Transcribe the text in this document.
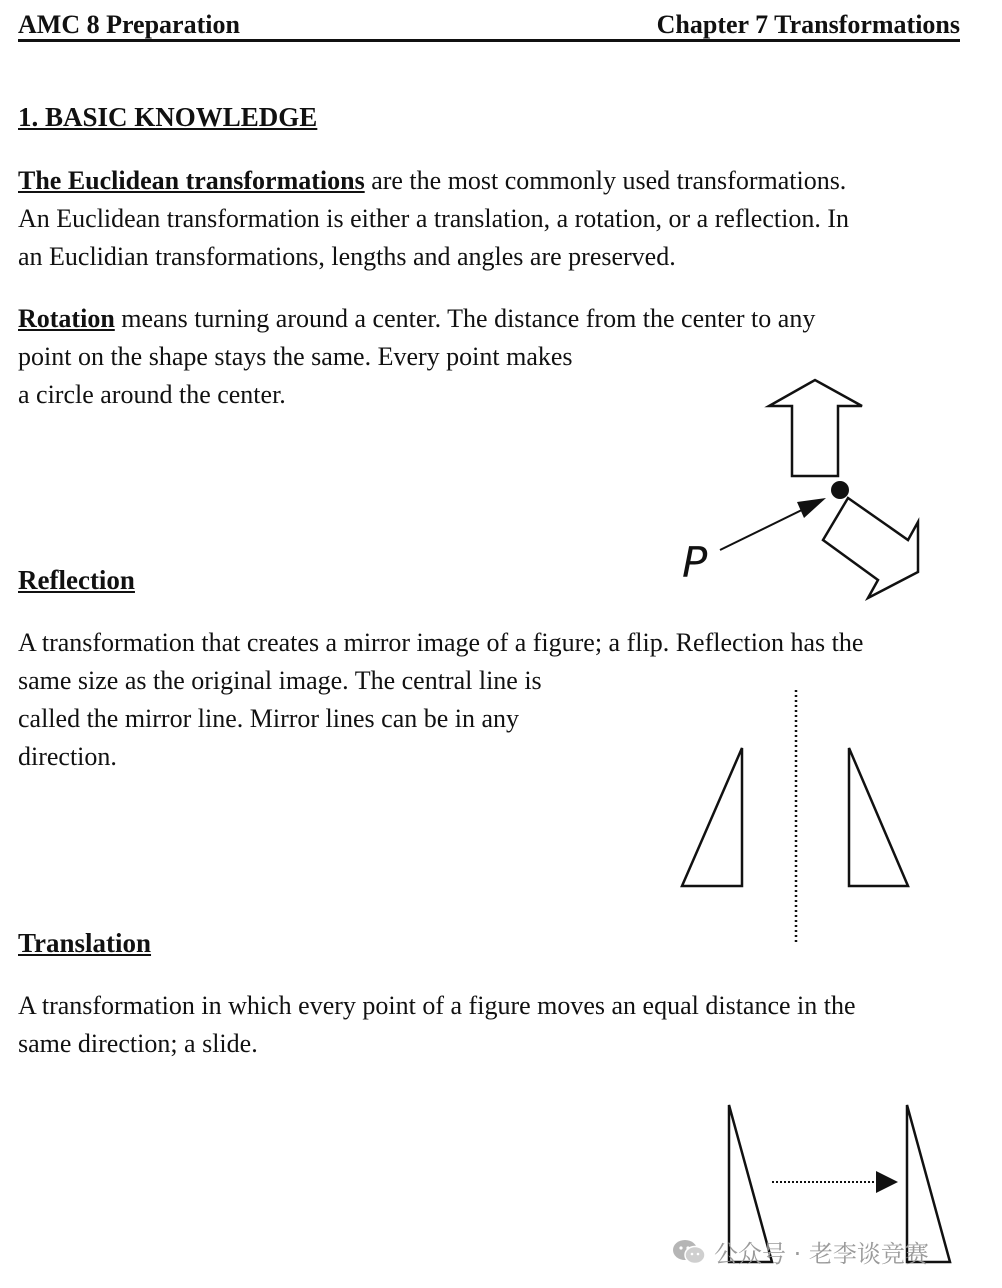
AMC 8 Preparation	Chapter 7 Transformations
1. BASIC KNOWLEDGE

The Euclidean transformations are the most commonly used transformations.
An Euclidean transformation is either a translation, a rotation, or a reflection. In
an Euclidian transformations, lengths and angles are preserved.

Rotation means turning around a center. The distance from the center to any
point on the shape stays the same. Every point makes
a circle around the center.

P
Reflection

A transformation that creates a mirror image of a figure; a flip. Reflection has the
same size as the original image. The central line is
called the mirror line. Mirror lines can be in any
direction.

Translation

A transformation in which every point of a figure moves an equal distance in the
same direction; a slide.

公众号 · 老李谈竞赛
